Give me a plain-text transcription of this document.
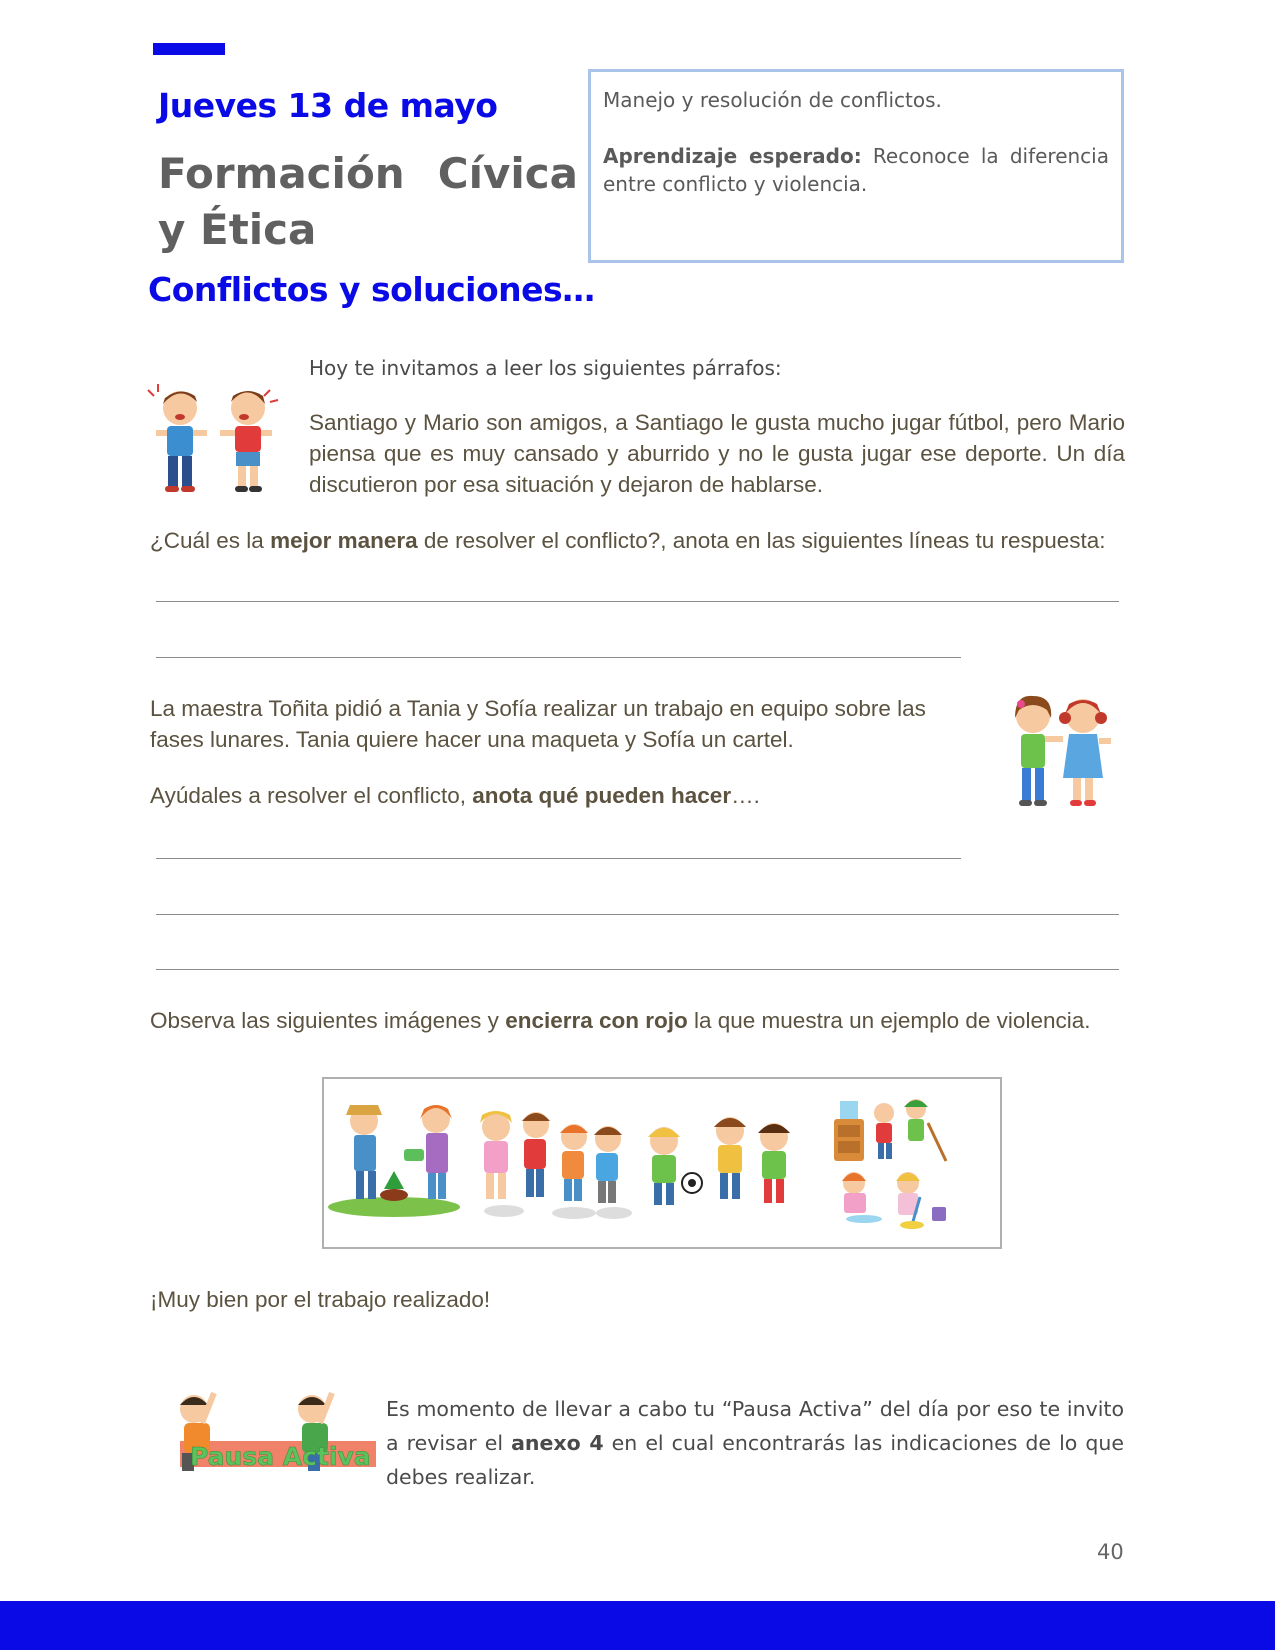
Jueves 13 de mayo
Formación Cívica y Ética

Manejo y resolución de conflictos.

Aprendizaje esperado: Reconoce la diferencia entre conflicto y violencia.

Conflictos y soluciones…
Hoy te invitamos a leer los siguientes párrafos:
Santiago y Mario son amigos, a Santiago le gusta mucho jugar fútbol, pero Mario piensa que es muy cansado y aburrido y no le gusta jugar ese deporte. Un día discutieron por esa situación y dejaron de hablarse.
¿Cuál es la mejor manera de resolver el conflicto?, anota en las siguientes líneas tu respuesta:

La maestra Toñita pidió a Tania y Sofía realizar un trabajo en equipo sobre las fases lunares. Tania quiere hacer una maqueta y Sofía un cartel.

Ayúdales a resolver el conflicto, anota qué pueden hacer….

Observa las siguientes imágenes y encierra con rojo la que muestra un ejemplo de violencia.
¡Muy bien por el trabajo realizado!
Pausa Activa
Es momento de llevar a cabo tu “Pausa Activa” del día por eso te invito a revisar el anexo 4 en el cual encontrarás las indicaciones de lo que debes realizar.
40
